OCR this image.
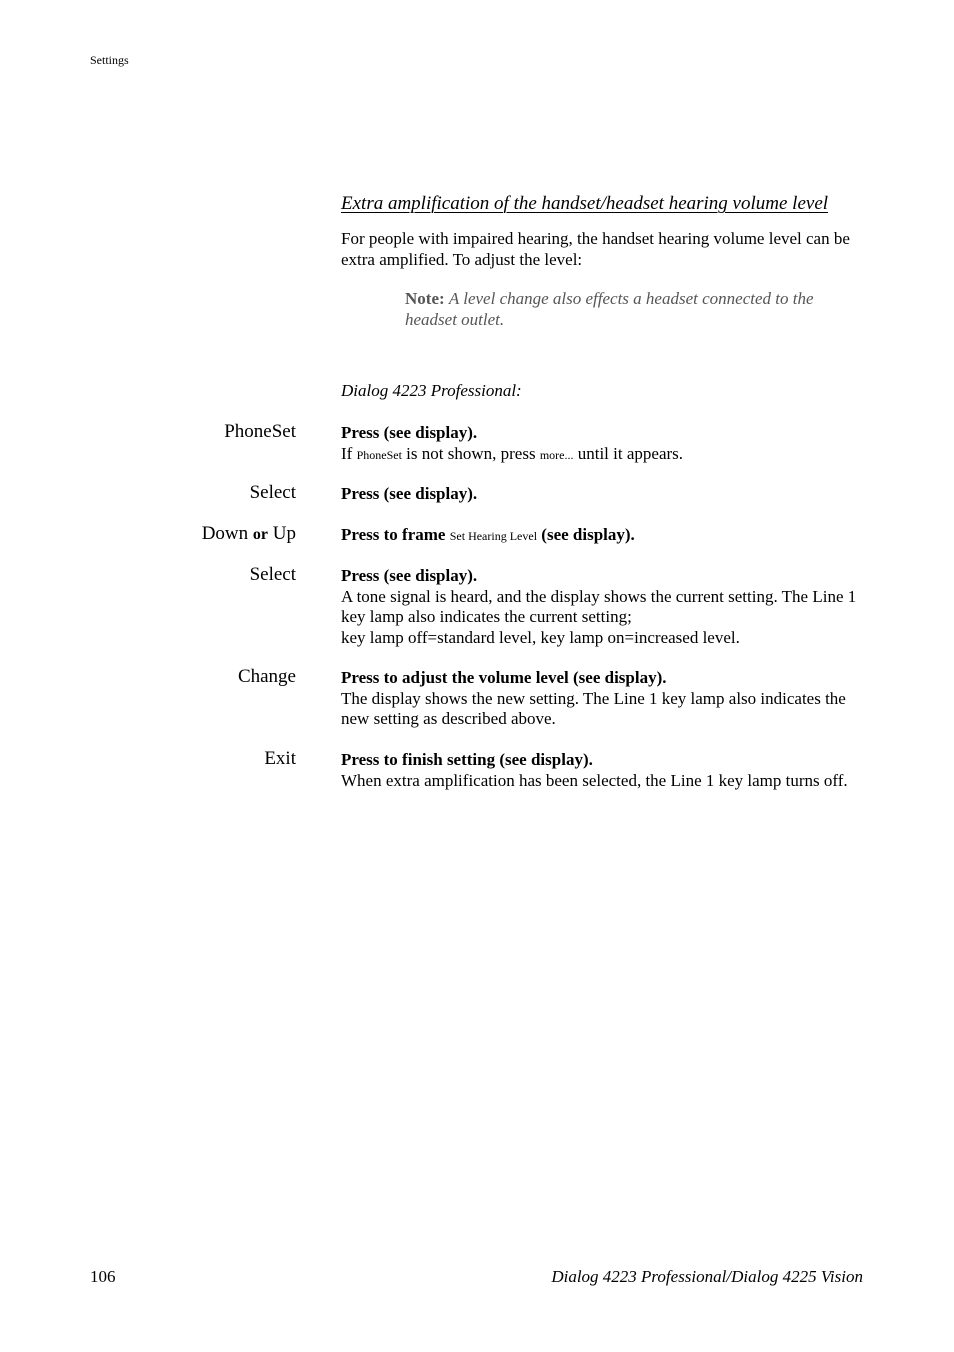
Settings
Extra amplification of the handset/headset hearing volume level
For people with impaired hearing, the handset hearing volume level can be extra amplified. To adjust the level:
Note: A level change also effects a headset connected to the headset outlet.
Dialog 4223 Professional:
PhoneSet	Press (see display).
If PhoneSet is not shown, press more... until it appears.
Select	Press (see display).
Down or Up	Press to frame Set Hearing Level (see display).
Select	Press (see display).
A tone signal is heard, and the display shows the current setting. The Line 1 key lamp also indicates the current setting;
key lamp off=standard level, key lamp on=increased level.
Change	Press to adjust the volume level (see display).
The display shows the new setting. The Line 1 key lamp also indicates the new setting as described above.
Exit	Press to finish setting (see display).
When extra amplification has been selected, the Line 1 key lamp turns off.
106	Dialog 4223 Professional/Dialog 4225 Vision
